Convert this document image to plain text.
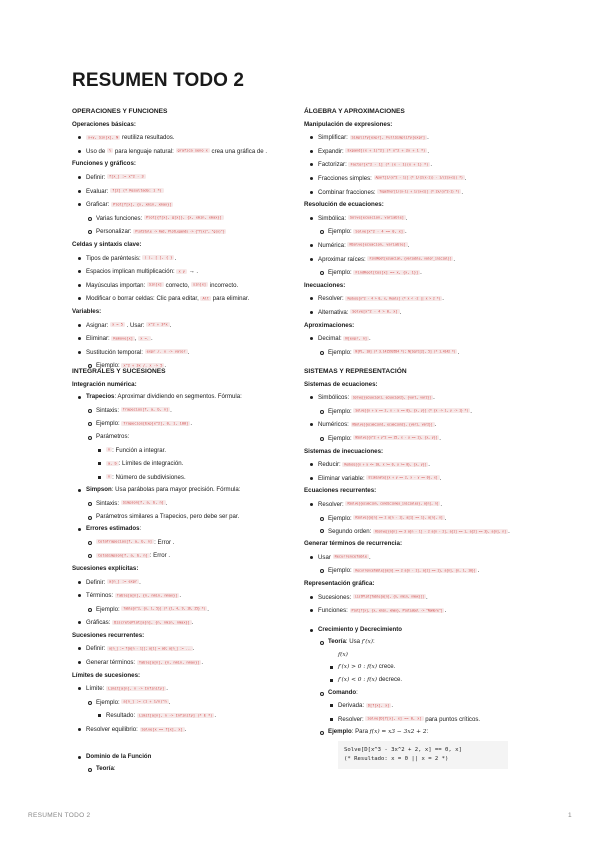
RESUMEN TODO 2
OPERACIONES Y FUNCIONES
Operaciones básicas:
x+y, Sin[x], N reutiliza resultados.
Uso de % para lenguaje natural: grafica seno x crea una gráfica de .
Funciones y gráficos:
Definir: f[x_] := x^2 - 3
Evaluar: f[2] (* Resultado: 1 *)
Graficar: Plot[f[x], {x, xmin, xmax}]
Varias funciones: Plot[{f[x], g[x]}, {x, xmin, xmax}]
Personalizar: PlotStyle -> Red, PlotLegends -> {"f(x)", "g(x)"}
Celdas y sintaxis clave:
Tipos de paréntesis: ( ), [ ], { } .
Espacios implican multiplicación: x y → .
Mayúsculas importan: Sin[x] correcto, sin[x] incorrecto.
Modificar o borrar celdas: Clic para editar, Alt para eliminar.
Variables:
Asignar: x = 5 . Usar: x^2 + 3*x .
Eliminar: Remove[x] , x =. .
Sustitución temporal: expr /. x -> valor .
Ejemplo: x^2 + 3x /. x -> 5 .
ÁLGEBRA Y APROXIMACIONES
Manipulación de expresiones:
Simplificar: Simplify[expr], FullSimplify[expr] .
Expandir: Expand[(x + 1)^2] (* x^2 + 2x + 1 *) .
Factorizar: Factor[x^2 - 1] (* (x - 1)(x + 1) *) .
Fracciones simples: Apart[1/(x^2 - 1)] (* 1/(2(x-1)) - 1/(2(x+1)) *) .
Combinar fracciones: Together[1/(x-1) + 1/(x+1)] (* 2x/(x^2-1) *) .
Resolución de ecuaciones:
Simbólica: Solve[ecuacion, variable] .
Ejemplo: Solve[x^2 - 4 == 0, x] .
Numérica: NSolve[ecuacion, variable] .
Aproximar raíces: FindRoot[ecuacion, {variable, valor_inicial}] .
Ejemplo: FindRoot[Cos[x] == x, {x, 1}] .
Inecuaciones:
Resolver: Reduce[x^2 - 4 > 0, x, Reals] (* x < -2 || x > 2 *) .
Alternativa: Solve[x^2 - 4 > 0, x] .
Aproximaciones:
Decimal: N[expr, n] .
Ejemplo: N[Pi, 10] (* 3.141592654 *); N[Sqrt[2], 5] (* 1.4142 *) .
INTEGRALES Y SUCESIONES
Integración numérica:
Trapecios: Aproximar dividiendo en segmentos. Fórmula:
Sintaxis: Trapecios[f, a, b, n] .
Ejemplo: Trapecios[Exp[x^2], 0, 1, 100] .
Parámetros:
n : Función a integrar.
a, b : Límites de integración.
n : Número de subdivisiones.
Simpson: Usa parábolas para mayor precisión. Fórmula:
Sintaxis: Simpson[f, a, b, n] .
Parámetros similares a Trapecios, pero debe ser par.
Errores estimados:
CotaTrapecios[f, a, b, n] : Error .
CotaSimpson[f, a, b, n] : Error .
Sucesiones explícitas:
Definir: a[n_] := expr .
Términos: Table[a[n], {n, nmin, nmax}] .
Ejemplo: Table[n^2, {n, 1, 5}] (* {1, 4, 9, 16, 25} *) .
Gráficas: DiscretePlot[a[n], {n, nmin, nmax}] .
Sucesiones recurrentes:
Definir: a[n_] := f[a[n - 1]]; a[1] = a0; a[n_] := ... .
Generar términos: Table[a[n], {n, nmin, nmax}] .
Límites de sucesiones:
Límite: Limit[a[n], n -> Infinity] .
Ejemplo: a[n_] := (1 + 1/n)^n .
Resultado: Limit[a[n], n -> Infinity] (* E *) .
Resolver equilibrio: Solve[x == f[x], x] .
Dominio de la Función
Teoría:
SISTEMAS Y REPRESENTACIÓN
Sistemas de ecuaciones:
Simbólicos: Solve[{ecuacion1, ecuacion2}, {var1, var2}] .
Ejemplo: Solve[{x + y == 2, x - y == 0}, {x, y}] (* {x -> 1, y -> 1} *) .
Numéricos: NSolve[{ecuacion1, ecuacion2}, {var1, var2}] .
Ejemplo: NSolve[{x^2 + y^2 == 25, x - y == 1}, {x, y}] .
Sistemas de inecuaciones:
Reducir: Reduce[{x + y <= 10, x >= 0, y >= 0}, {x, y}] .
Eliminar variable: Eliminate[{x + y == 2, x - y == 0}, x] .
Ecuaciones recurrentes:
Resolver: RSolve[{ecuacion, condiciones_iniciales}, a[n], n] .
Ejemplo: RSolve[{a[n] == 2 a[n - 1], a[1] == 1}, a[n], n] .
Segundo orden: RSolve[{a[n] == 3 a[n - 1] - 2 a[n - 2], a[1] == 1, a[2] == 3}, a[n], n] .
Generar términos de recurrencia:
Usar RecurrenceTable .
Ejemplo: RecurrenceTable[{a[n] == 2 a[n - 1], a[1] == 1}, a[n], {n, 1, 10}] .
Representación gráfica:
Sucesiones: ListPlot[Table[a[n], {n, nmin, nmax}]] .
Funciones: Plot[f[x], {x, xmin, xmax}, PlotLabel -> "Nombre"] .
Crecimiento y Decrecimiento
Teoría: Usa f′(x):
f(x)
f′(x) > 0 : f(x) crece.
f′(x) < 0 : f(x) decrece.
Comando:
Derivada: D[f[x], x] .
Resolver: Solve[D[f[x], x] == 0, x] para puntos críticos.
Ejemplo: Para f(x) = x3 − 3x2 + 2:
Solve[D[x^3 - 3x^2 + 2, x] == 0, x]
(* Resultado: x = 0 || x = 2 *)
RESUMEN TODO 2	1
